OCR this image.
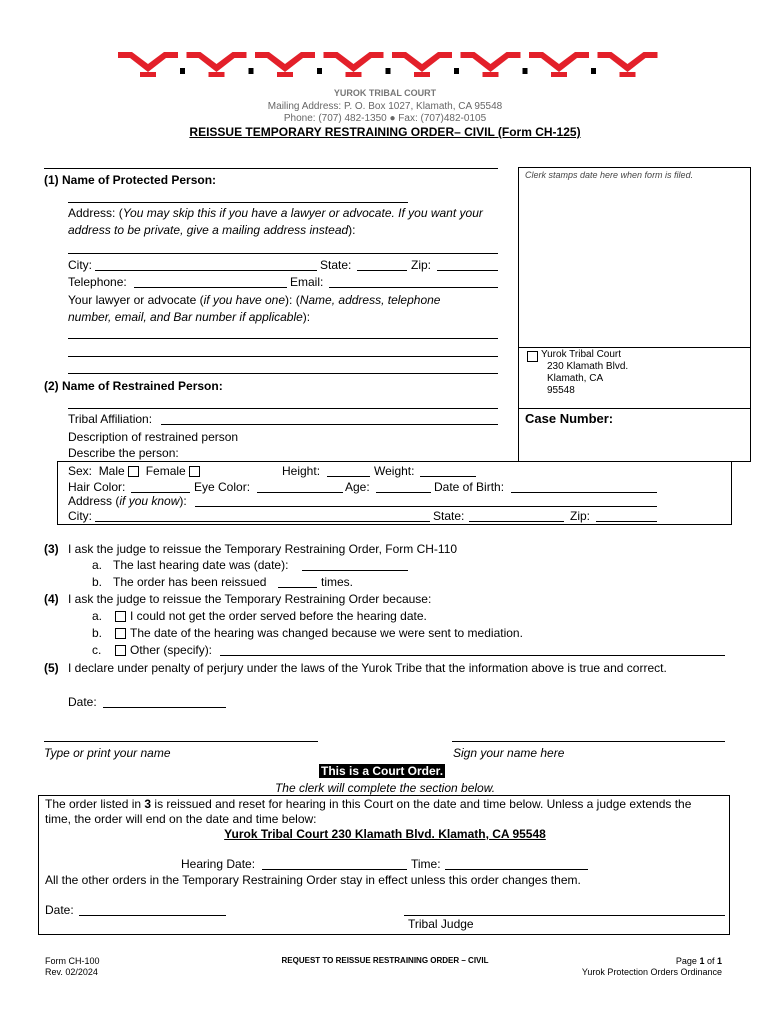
YUROK TRIBAL COURT
Mailing Address: P. O. Box 1027, Klamath, CA 95548
Phone: (707) 482-1350 ● Fax: (707)482-0105
REISSUE TEMPORARY RESTRAINING ORDER– CIVIL (Form CH-125)
Clerk stamps date here when form is filed.
Yurok Tribal Court
230 Klamath Blvd.
Klamath, CA
95548
Case Number:
(1) Name of Protected Person:
Address: (You may skip this if you have a lawyer or advocate. If you want your
address to be private, give a mailing address instead):
City:	State:	Zip:
Telephone:	Email:
Your lawyer or advocate (if you have one): (Name, address, telephone
number, email, and Bar number if applicable):
(2) Name of Restrained Person:
Tribal Affiliation:
Description of restrained person
Describe the person:
Sex: Male Female	Height:	Weight:
Hair Color:	Eye Color:	Age:	Date of Birth:
Address (if you know):
City:	State:	Zip:
(3) I ask the judge to reissue the Temporary Restraining Order, Form CH-110
a. The last hearing date was (date):
b. The order has been reissued	times.
(4) I ask the judge to reissue the Temporary Restraining Order because:
a. I could not get the order served before the hearing date.
b. The date of the hearing was changed because we were sent to mediation.
c. Other (specify):
(5) I declare under penalty of perjury under the laws of the Yurok Tribe that the information above is true and correct.
Date:
Type or print your name	Sign your name here
This is a Court Order.
The clerk will complete the section below.
The order listed in 3 is reissued and reset for hearing in this Court on the date and time below. Unless a judge extends the
time, the order will end on the date and time below:
Yurok Tribal Court 230 Klamath Blvd. Klamath, CA 95548
Hearing Date:	Time:
All the other orders in the Temporary Restraining Order stay in effect unless this order changes them.
Date:
Tribal Judge
Form CH-100
Rev. 02/2024
REQUEST TO REISSUE RESTRAINING ORDER – CIVIL	Page 1 of 1
Yurok Protection Orders Ordinance
